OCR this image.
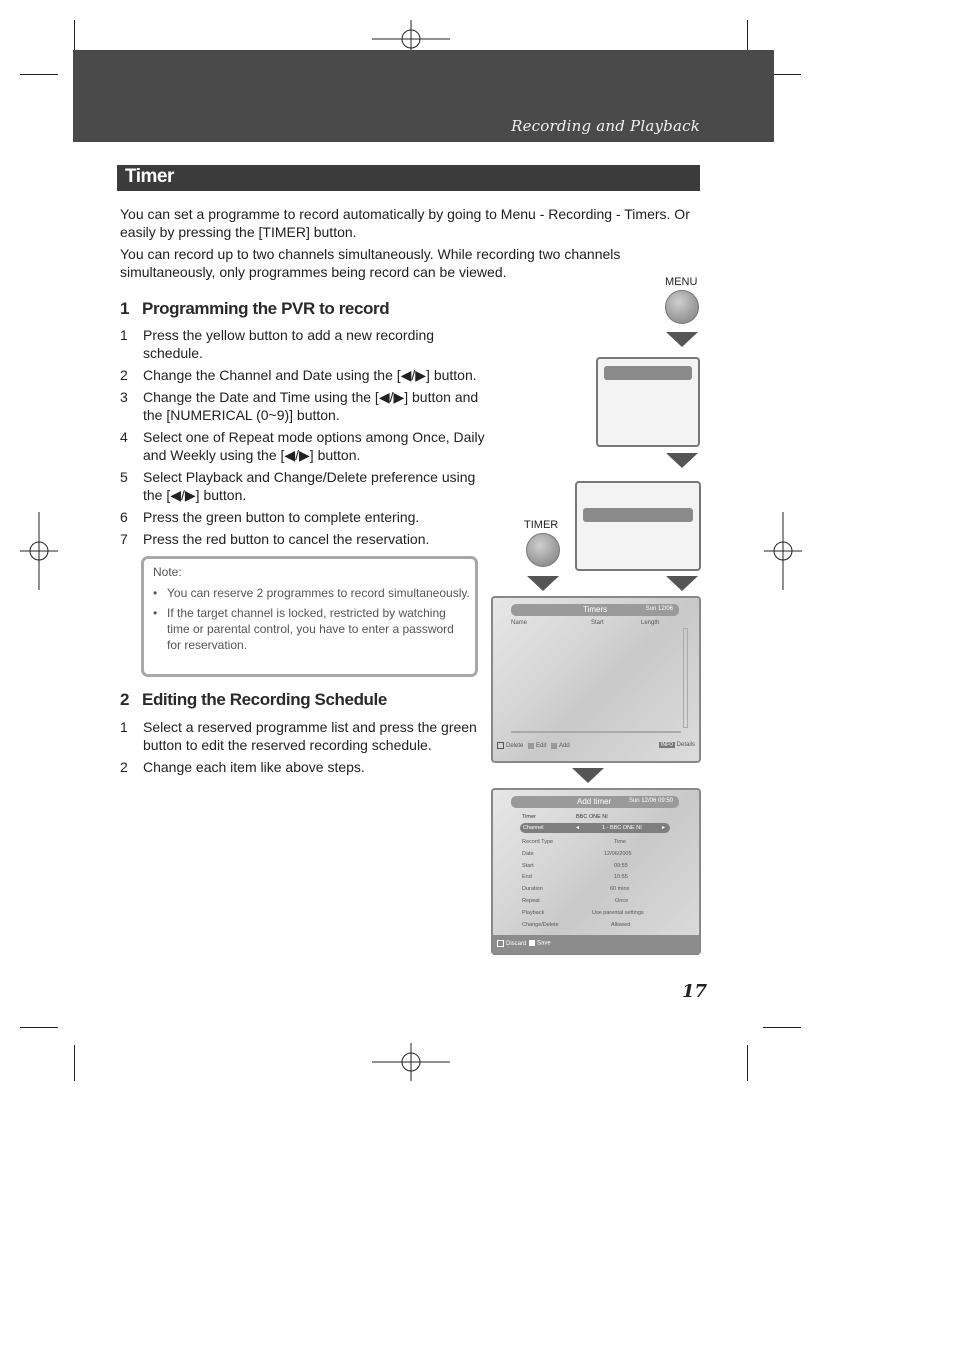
Recording and Playback
Timer
You can set a programme to record automatically by going to Menu - Recording - Timers. Or easily by pressing the [TIMER] button.
You can record up to two channels simultaneously. While recording two channels simultaneously, only programmes being record can be viewed.
1 Programming the PVR to record
1 Press the yellow button to add a new recording schedule.
2 Change the Channel and Date using the [◀/▶] button.
3 Change the Date and Time using the [◀/▶] button and the [NUMERICAL (0~9)] button.
4 Select one of Repeat mode options among Once, Daily and Weekly using the [◀/▶] button.
5 Select Playback and Change/Delete preference using the [◀/▶] button.
6 Press the green button to complete entering.
7 Press the red button to cancel the reservation.
Note:
• You can reserve 2 programmes to record simultaneously.
• If the target channel is locked, restricted by watching time or parental control, you have to enter a password for reservation.
2 Editing the Recording Schedule
1 Select a reserved programme list and press the green button to edit the reserved recording schedule.
2 Change each item like above steps.
MENU
TIMER
Timers	Sun 12/06
Name	Start	Length
Delete Edit Add	INFO Details
Add timer	Sun 12/06 09:50
Timer	BBC ONE NI
Channel	◂	1 - BBC ONE NI	▸
Record Type	Time
Date	12/06/2005
Start	09:55
End	10:55
Duration	60 mins
Repeat	Once
Playback	Use parental settings
Change/Delete	Allowed
Discard	Save
17
